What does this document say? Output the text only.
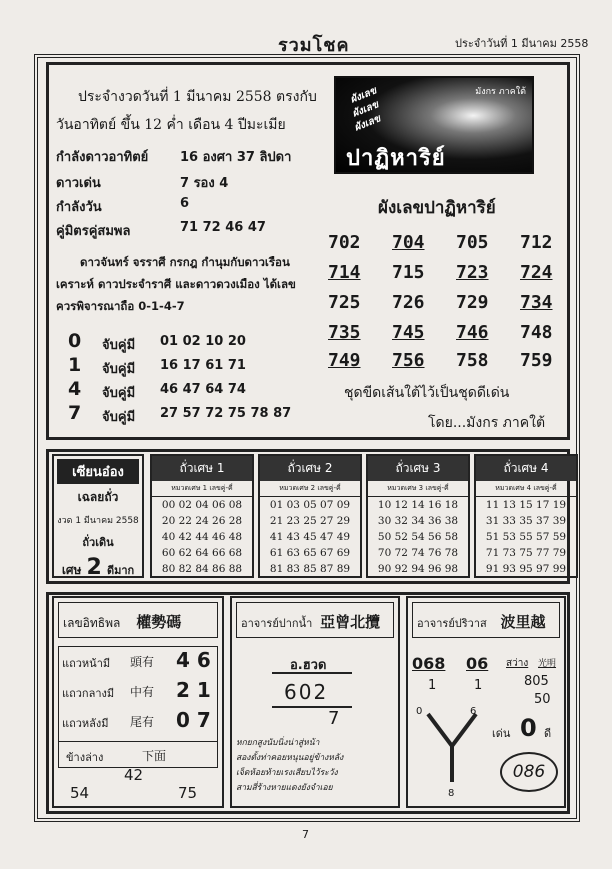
รวมโชค	ประจำวันที่ 1 มีนาคม 2558
ประจำงวดวันที่ 1 มีนาคม 2558 ตรงกับ
วันอาทิตย์ ขึ้น 12 ค่ำ เดือน 4 ปีมะเมีย
กำลังดาวอาทิตย์ 16 องศา 37 ลิปดา
ดาวเด่น	7 รอง 4
กำลังวัน	6
คู่มิตรคู่สมพล	71 72 46 47
ดาวจันทร์ จรราศี กรกฎ กำนุมกับดาวเรือน
เคราะห์ ดาวประจำราศี และดาวดวงเมือง ได้เลข
ควรพิจารณาถือ 0-1-4-7
0 จับคู่มี 01 02 10 20
1 จับคู่มี 16 17 61 71
4 จับคู่มี 46 47 64 74
7 จับคู่มี 27 57 72 75 78 87
ผังเลข
ผังเลข
ผังเลข
มังกร ภาคใต้
ปาฏิหาริย์
ผังเลขปาฏิหาริย์
702 704 705 712
714 715 723 724
725 726 729 734
735 745 746 748
749 756 758 759
ชุดขีดเส้นใต้ไว้เป็นชุดดีเด่น
โดย...มังกร ภาคใต้
เซียนอ๋อง
เฉลยถั่ว
งวด 1 มีนาคม 2558
ถั่วเดิน
เศษ 2 ดีมาก
ถั่วเศษ 1
หมวดเศษ 1 เลขคู่-คี่
00 02 04 06 08
20 22 24 26 28
40 42 44 46 48
60 62 64 66 68
80 82 84 86 88
ถั่วเศษ 2
หมวดเศษ 2 เลขคู่-คี่
01 03 05 07 09
21 23 25 27 29
41 43 45 47 49
61 63 65 67 69
81 83 85 87 89
ถั่วเศษ 3
หมวดเศษ 3 เลขคู่-คี่
10 12 14 16 18
30 32 34 36 38
50 52 54 56 58
70 72 74 76 78
90 92 94 96 98
ถั่วเศษ 4
หมวดเศษ 4 เลขคู่-คี่
11 13 15 17 19
31 33 35 37 39
51 53 55 57 59
71 73 75 77 79
91 93 95 97 99
เลขอิทธิพล 權勢碼
แถวหน้ามี 頭有 4 6
แถวกลางมี 中有 2 1
แถวหลังมี 尾有 0 7
ข้างล่าง	下面
42
54	75
อาจารย์ปากน้ำ 亞曾北攬
อ.ฮวด
602
7
หกยกสูงนับนิ่งน่าสู่หน้า
สองตั้งท่าคอยหนุนอยู่ข้างหลัง
เจ็ดห้อยท้ายเรงเสียบไว้ระวัง
สามสี่ร้างหายแดงยังจำเอย
อาจารย์ปริวาส 波里越
068 06 สว่าง 光明
1	1	805
50
0	6
8
เด่น 0 ดี
086
7
